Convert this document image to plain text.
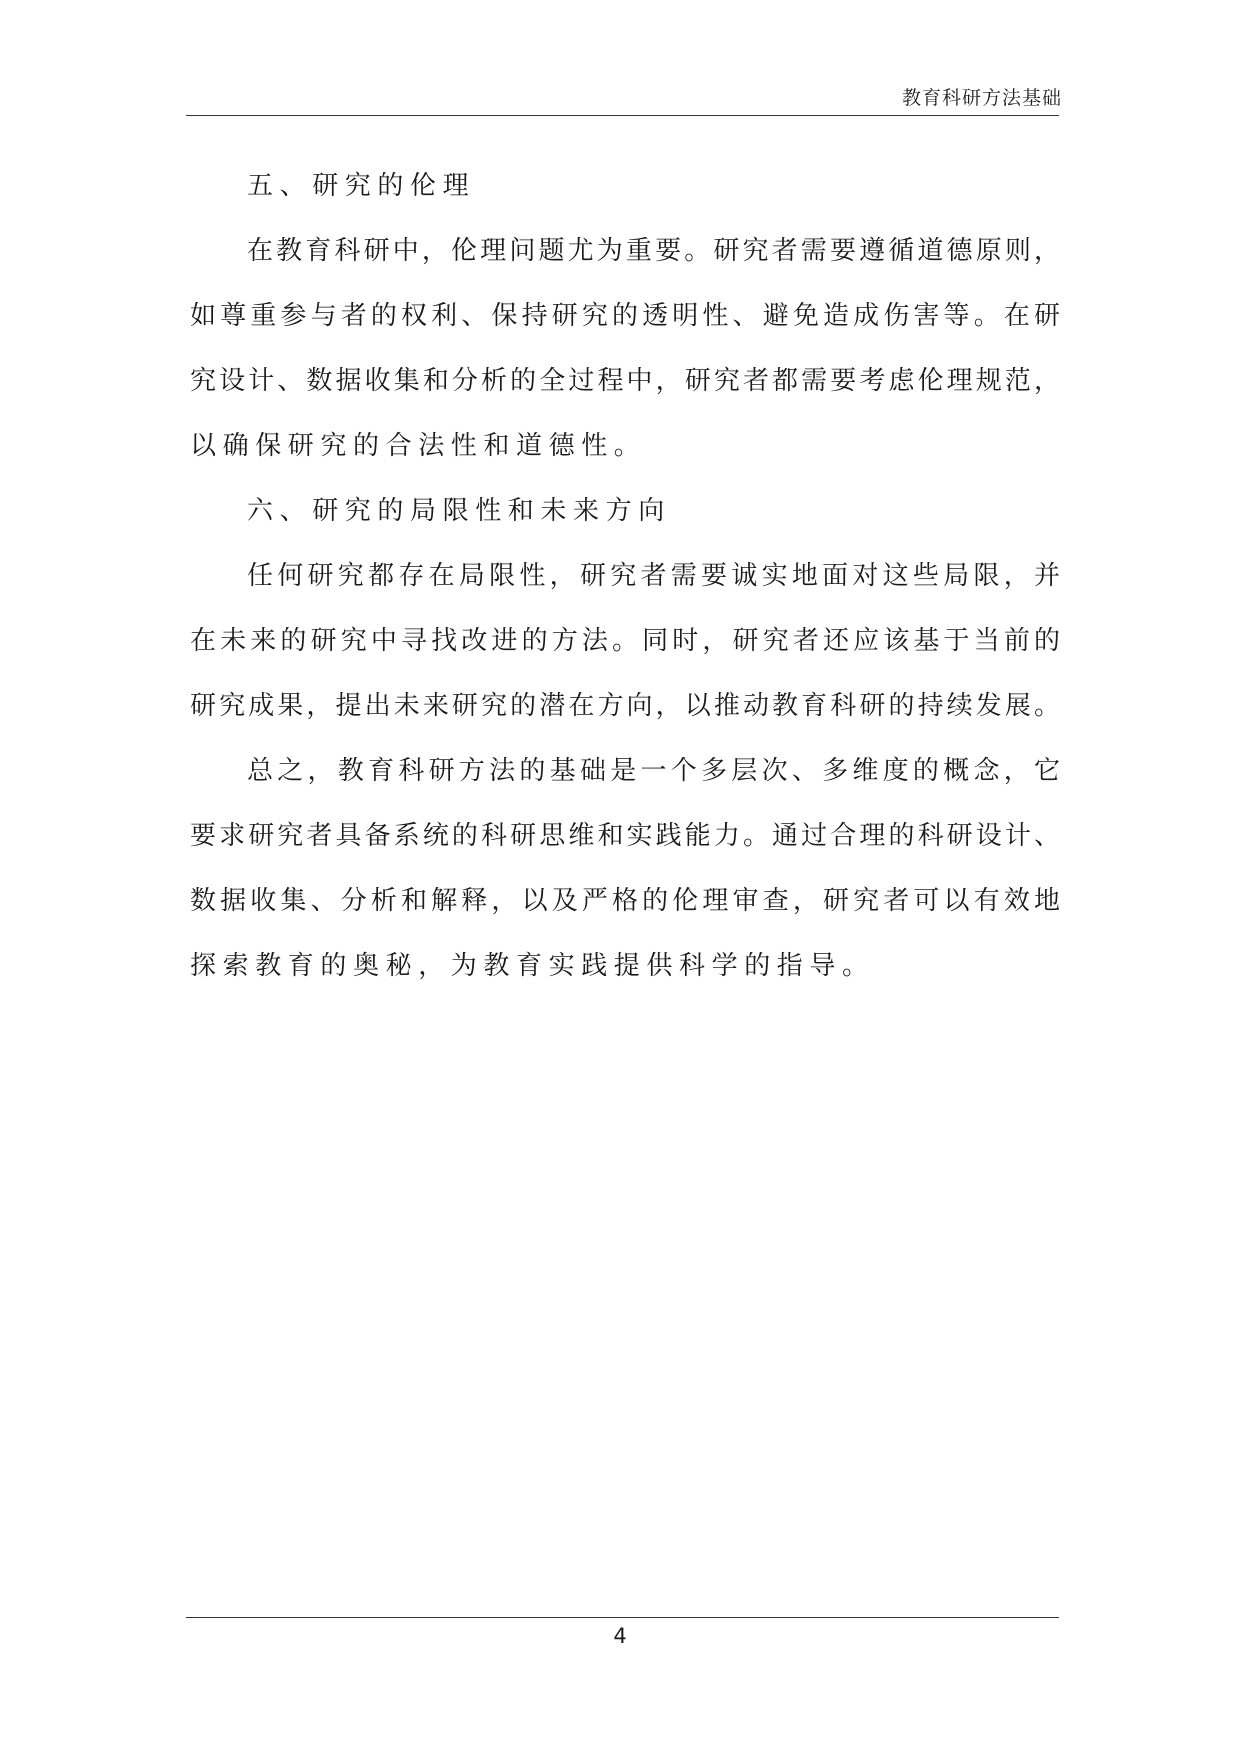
教育科研方法基础
五、研究的伦理
在教育科研中，伦理问题尤为重要。研究者需要遵循道德原则，
如尊重参与者的权利、保持研究的透明性、避免造成伤害等。在研
究设计、数据收集和分析的全过程中，研究者都需要考虑伦理规范，
以确保研究的合法性和道德性。
六、研究的局限性和未来方向
任何研究都存在局限性，研究者需要诚实地面对这些局限，并
在未来的研究中寻找改进的方法。同时，研究者还应该基于当前的
研究成果，提出未来研究的潜在方向，以推动教育科研的持续发展。
总之，教育科研方法的基础是一个多层次、多维度的概念，它
要求研究者具备系统的科研思维和实践能力。通过合理的科研设计、
数据收集、分析和解释，以及严格的伦理审查，研究者可以有效地
探索教育的奥秘，为教育实践提供科学的指导。
4
